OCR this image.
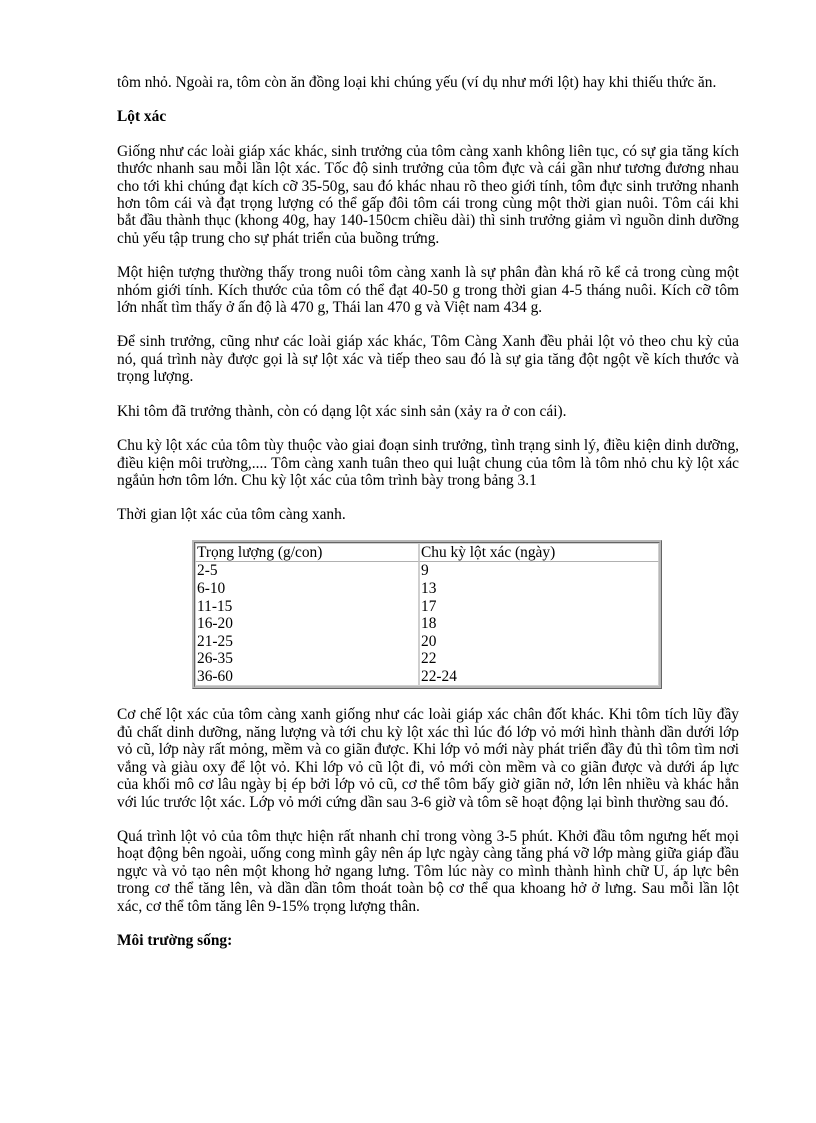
tôm nhỏ. Ngoài ra, tôm còn ăn đồng loại khi chúng yếu (ví dụ như mới lột) hay khi thiếu thức ăn.

Lột xác

Giống như các loài giáp xác khác, sinh trưởng của tôm càng xanh không liên tục, có sự gia tăng kích thước nhanh sau mỗi lần lột xác. Tốc độ sinh trưởng của tôm đực và cái gần như tương đương nhau cho tới khi chúng đạt kích cỡ 35-50g, sau đó khác nhau rõ theo giới tính, tôm đực sinh trưởng nhanh hơn tôm cái và đạt trọng lượng có thể gấp đôi tôm cái trong cùng một thời gian nuôi. Tôm cái khi bắt đầu thành thục (khong 40g, hay 140-150cm chiều dài) thì sinh trưởng giảm vì nguồn dinh dưỡng chủ yếu tập trung cho sự phát triển của buồng trứng.

Một hiện tượng thường thấy trong nuôi tôm càng xanh là sự phân đàn khá rõ kể cả trong cùng một nhóm giới tính. Kích thước của tôm có thể đạt 40-50 g trong thời gian 4-5 tháng nuôi. Kích cỡ tôm lớn nhất tìm thấy ở ấn độ là 470 g, Thái lan 470 g và Việt nam 434 g.

Để sinh trưởng, cũng như các loài giáp xác khác, Tôm Càng Xanh đều phải lột vỏ theo chu kỳ của nó, quá trình này được gọi là sự lột xác và tiếp theo sau đó là sự gia tăng đột ngột về kích thước và trọng lượng.

Khi tôm đã trưởng thành, còn có dạng lột xác sinh sản (xảy ra ở con cái).

Chu kỳ lột xác của tôm tùy thuộc vào giai đoạn sinh trưởng, tình trạng sinh lý, điều kiện dinh dưỡng, điều kiện môi trường,.... Tôm càng xanh tuân theo qui luật chung của tôm là tôm nhỏ chu kỳ lột xác ngắủn hơn tôm lớn. Chu kỳ lột xác của tôm trình bày trong bảng 3.1

Thời gian lột xác của tôm càng xanh.

Trọng lượng (g/con)	Chu kỳ lột xác (ngày)
2-5	9
6-10	13
11-15	17
16-20	18
21-25	20
26-35	22
36-60	22-24

Cơ chế lột xác của tôm càng xanh giống như các loài giáp xác chân đốt khác. Khi tôm tích lũy đầy đủ chất dinh dưỡng, năng lượng và tới chu kỳ lột xác thì lúc đó lớp vỏ mới hình thành dần dưới lớp vỏ cũ, lớp này rất mỏng, mềm và co giãn được. Khi lớp vỏ mới này phát triển đầy đủ thì tôm tìm nơi vắng và giàu oxy để lột vỏ. Khi lớp vỏ cũ lột đi, vỏ mới còn mềm và co giãn được và dưới áp lực của khối mô cơ lâu ngày bị ép bởi lớp vỏ cũ, cơ thể tôm bấy giờ giãn nở, lớn lên nhiều và khác hẳn với lúc trước lột xác. Lớp vỏ mới cứng dần sau 3-6 giờ và tôm sẽ hoạt động lại bình thường sau đó.

Quá trình lột vỏ của tôm thực hiện rất nhanh chỉ trong vòng 3-5 phút. Khởi đầu tôm ngưng hết mọi hoạt động bên ngoài, uống cong mình gây nên áp lực ngày càng tăng phá vỡ lớp màng giữa giáp đầu ngực và vỏ tạo nên một khong hở ngang lưng. Tôm lúc này co mình thành hình chữ U, áp lực bên trong cơ thể tăng lên, và dần dần tôm thoát toàn bộ cơ thể qua khoang hở ở lưng. Sau mỗi lần lột xác, cơ thể tôm tăng lên 9-15% trọng lượng thân.

Môi trường sống:
